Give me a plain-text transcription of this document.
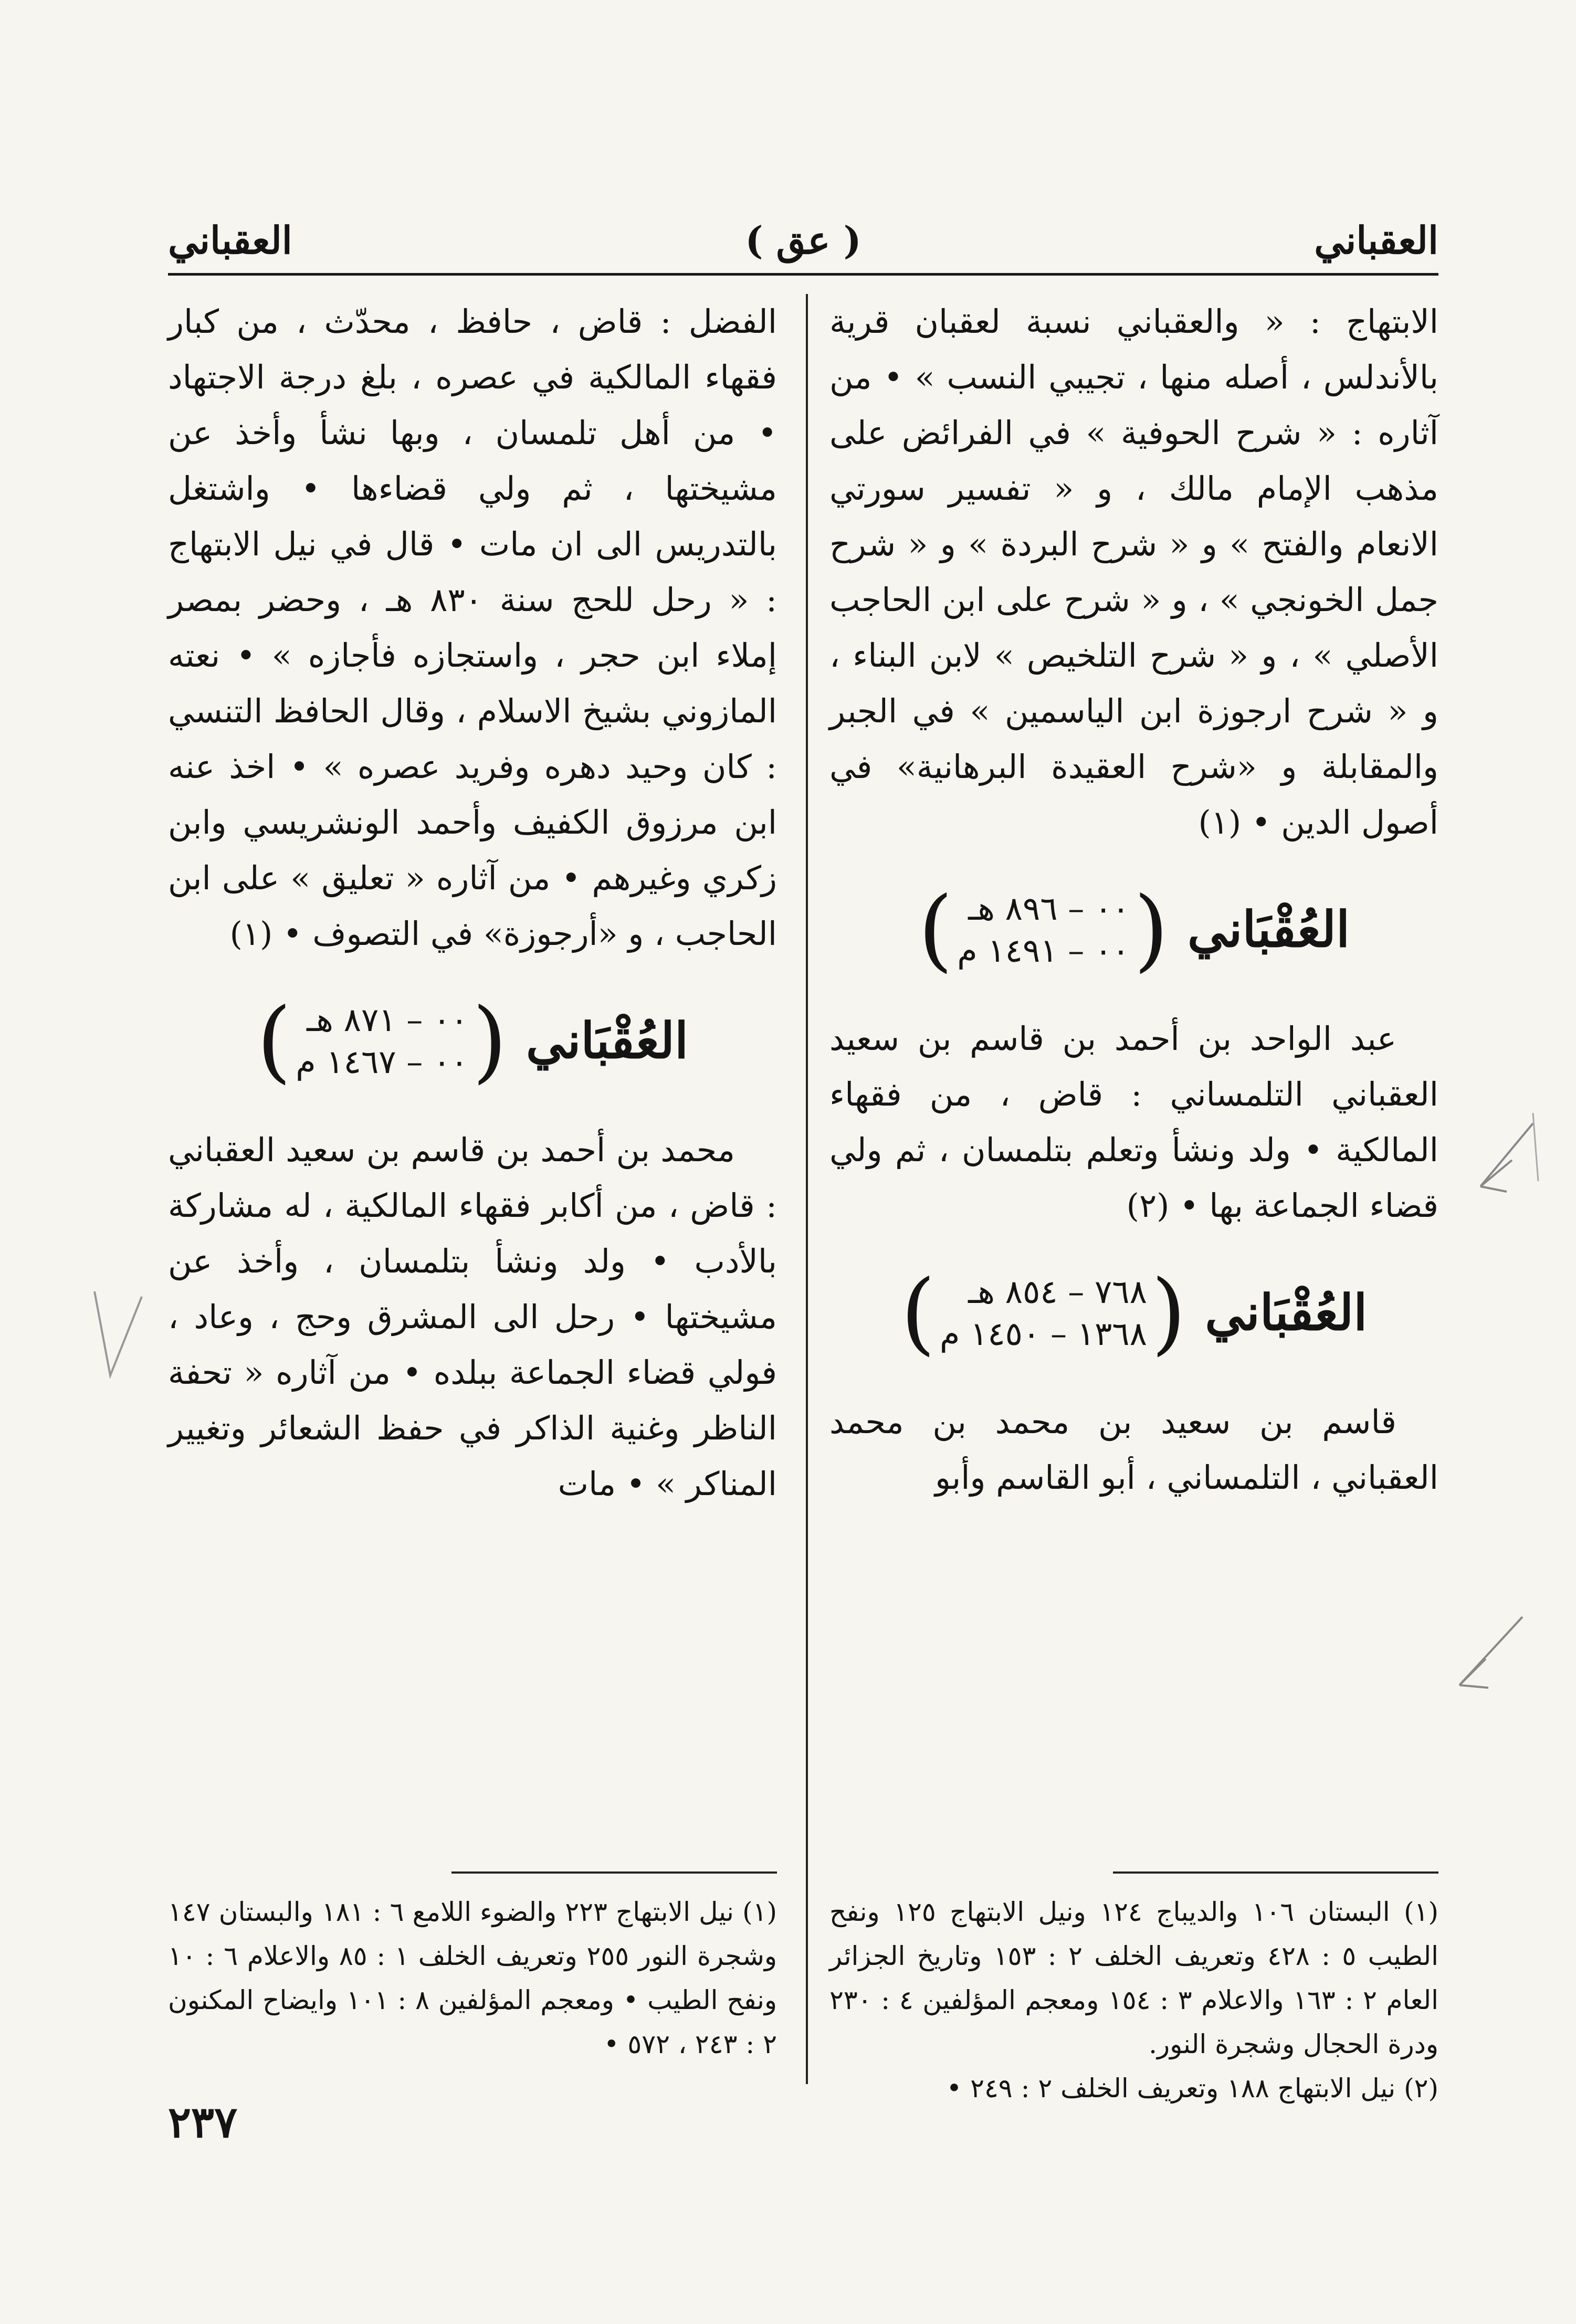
العقباني
( عق )
العقباني

الابتهاج : « والعقباني نسبة لعقبان قرية بالأندلس ، أصله منها ، تجيبي النسب » • من آثاره : « شرح الحوفية » في الفرائض على مذهب الإمام مالك ، و « تفسير سورتي الانعام والفتح » و « شرح البردة » و « شرح جمل الخونجي » ، و « شرح على ابن الحاجب الأصلي » ، و « شرح التلخيص » لابن البناء ، و « شرح ارجوزة ابن الياسمين » في الجبر والمقابلة و «شرح العقيدة البرهانية» في أصول الدين • (١)

العُقْبَاني
(
٠٠ – ٨٩٦ هـ
٠٠ – ١٤٩١ م
)

عبد الواحد بن أحمد بن قاسم بن سعيد العقباني التلمساني : قاض ، من فقهاء المالكية • ولد ونشأ وتعلم بتلمسان ، ثم ولي قضاء الجماعة بها • (٢)

العُقْبَاني
(
٧٦٨ – ٨٥٤ هـ
١٣٦٨ – ١٤٥٠ م
)

قاسم بن سعيد بن محمد بن محمد العقباني ، التلمساني ، أبو القاسم وأبو

الفضل : قاض ، حافظ ، محدّث ، من كبار فقهاء المالكية في عصره ، بلغ درجة الاجتهاد • من أهل تلمسان ، وبها نشأ وأخذ عن مشيختها ، ثم ولي قضاءها • واشتغل بالتدريس الى ان مات • قال في نيل الابتهاج : « رحل للحج سنة ٨٣٠ هـ ، وحضر بمصر إملاء ابن حجر ، واستجازه فأجازه » • نعته المازوني بشيخ الاسلام ، وقال الحافظ التنسي : كان وحيد دهره وفريد عصره » • اخذ عنه ابن مرزوق الكفيف وأحمد الونشريسي وابن زكري وغيرهم • من آثاره « تعليق » على ابن الحاجب ، و «أرجوزة» في التصوف • (١)

العُقْبَاني
(
٠٠ – ٨٧١ هـ
٠٠ – ١٤٦٧ م
)

محمد بن أحمد بن قاسم بن سعيد العقباني : قاض ، من أكابر فقهاء المالكية ، له مشاركة بالأدب • ولد ونشأ بتلمسان ، وأخذ عن مشيختها • رحل الى المشرق وحج ، وعاد ، فولي قضاء الجماعة ببلده • من آثاره « تحفة الناظر وغنية الذاكر في حفظ الشعائر وتغيير المناكر » • مات

(١) البستان ١٠٦ والديباج ١٢٤ ونيل الابتهاج ١٢٥ ونفح الطيب ٥ : ٤٢٨ وتعريف الخلف ٢ : ١٥٣ وتاريخ الجزائر العام ٢ : ١٦٣ والاعلام ٣ : ١٥٤ ومعجم المؤلفين ٤ : ٢٣٠ ودرة الحجال وشجرة النور.

(٢) نيل الابتهاج ١٨٨ وتعريف الخلف ٢ : ٢٤٩ •

(١) نيل الابتهاج ٢٢٣ والضوء اللامع ٦ : ١٨١ والبستان ١٤٧ وشجرة النور ٢٥٥ وتعريف الخلف ١ : ٨٥ والاعلام ٦ : ١٠ ونفح الطيب • ومعجم المؤلفين ٨ : ١٠١ وايضاح المكنون ٢ : ٢٤٣ ، ٥٧٢ •

٢٣٧
